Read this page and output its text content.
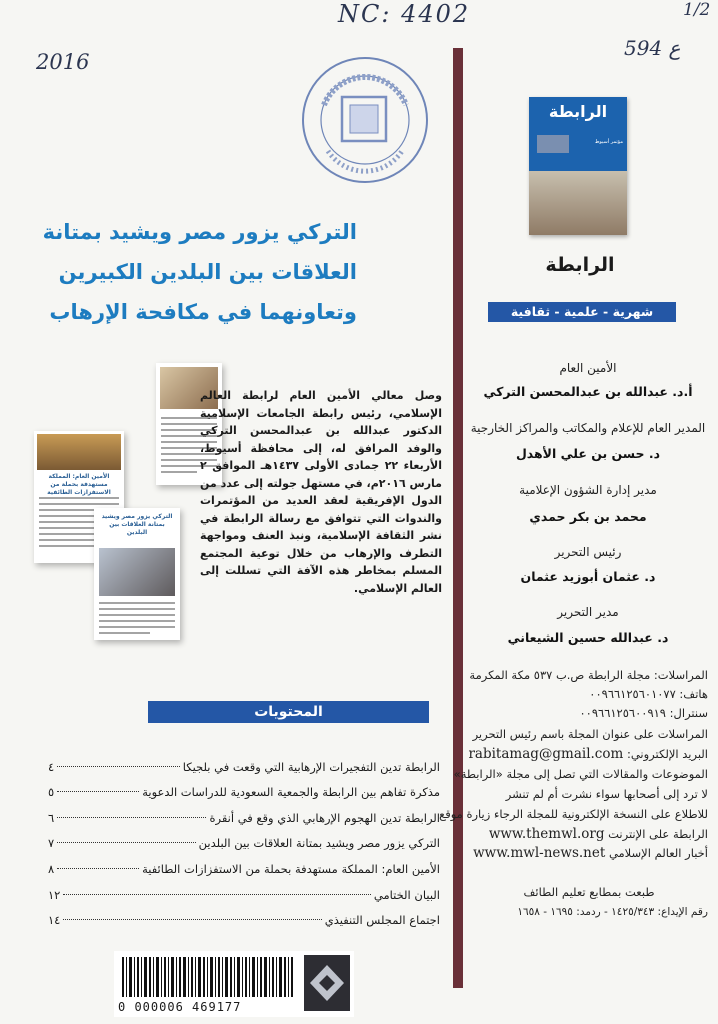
NC: 4402	1/2
2016
594 ع
التركي يزور مصر ويشيد بمتانة
العلاقات بين البلدين الكبيرين
وتعاونهما في مكافحة الإرهاب
الأمين العام: المملكة مستهدفة بحملة من الاستفزازات الطائفية
التركي يزور مصر ويشيد بمتانة العلاقات بين البلدين

وصل معالي الأمين العام لرابطة العالم الإسلامي، رئيس رابطة الجامعات الإسلامية الدكتور عبدالله بن عبدالمحسن التركي والوفد المرافق له، إلى محافظة أسيوط، الأربعاء ٢٢ جمادى الأولى ١٤٣٧هـ الموافق ٢ مارس ٢٠١٦م، في مستهل جولته إلى عدد من الدول الإفريقية لعقد العديد من المؤتمرات والندوات التي تتوافق مع رسالة الرابطة في نشر الثقافة الإسلامية، ونبذ العنف ومواجهة التطرف والإرهاب من خلال توعية المجتمع المسلم بمخاطر هذه الآفة التي تسللت إلى العالم الإسلامي.

المحتويات
الرابطة تدين التفجيرات الإرهابية التي وقعت في بلجيكا
٤
مذكرة تفاهم بين الرابطة والجمعية السعودية للدراسات الدعوية
٥
الرابطة تدين الهجوم الإرهابي الذي وقع في أنقرة
٦
التركي يزور مصر ويشيد بمتانة العلاقات بين البلدين
٧
الأمين العام: المملكة مستهدفة بحملة من الاستفزازات الطائفية
٨
البيان الختامي
١٢
اجتماع المجلس التنفيذي
١٤
0 000006 469177
الرابطة
مؤتمر أسيوط
الرابطة
شهرية - علمية - ثقافية
الأمين العام
أ.د. عبدالله بن عبدالمحسن التركي
المدير العام للإعلام والمكاتب والمراكز الخارجية
د. حسن بن علي الأهدل
مدير إدارة الشؤون الإعلامية
محمد بن بكر حمدي
رئيس التحرير
د. عثمان أبوزيد عثمان
مدير التحرير
د. عبدالله حسين الشيعاني
المراسلات: مجلة الرابطة ص.ب ٥٣٧ مكة المكرمة
هاتف: ٠٠٩٦٦١٢٥٦٠١٠٧٧
سنترال: ٠٠٩٦٦١٢٥٦٠٠٩١٩
المراسلات على عنوان المجلة باسم رئيس التحرير
البريد الإلكتروني: rabitamag@gmail.com
الموضوعات والمقالات التي تصل إلى مجلة «الرابطة»
لا ترد إلى أصحابها سواء نشرت أم لم تنشر
للاطلاع على النسخة الإلكترونية للمجلة الرجاء زيارة موقع
الرابطة على الإنترنت www.themwl.org
أخبار العالم الإسلامي www.mwl-news.net
طبعت بمطابع تعليم الطائف
رقم الإيداع: ١٤٢٥/٣٤٣ - ردمد: ١٦٩٥ - ١٦٥٨
